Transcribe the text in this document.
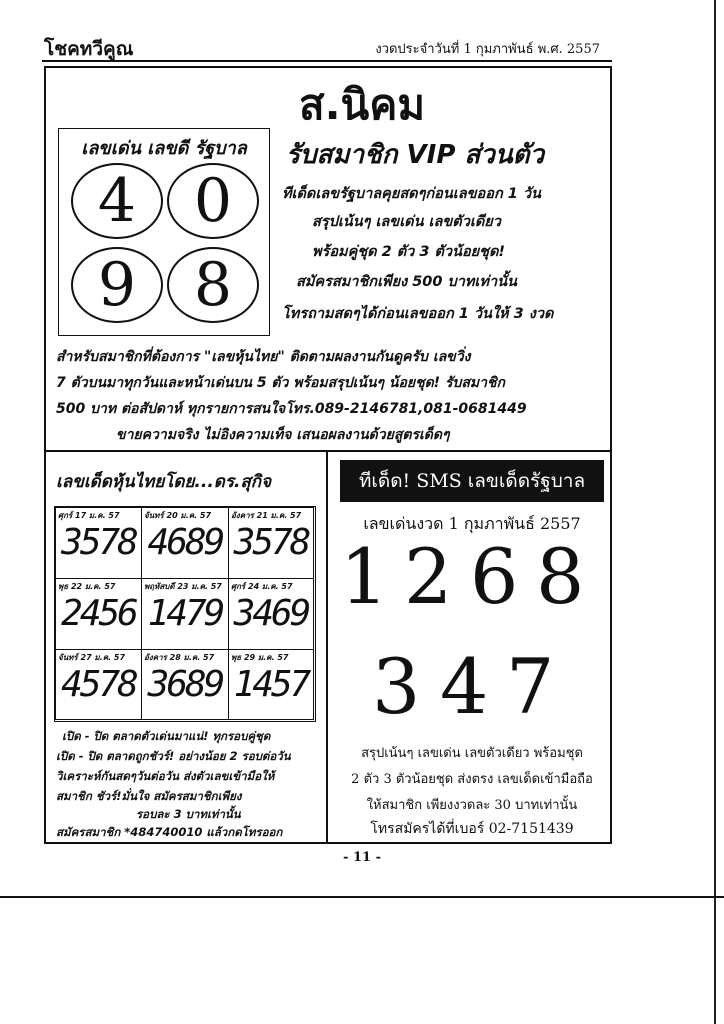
โชคทวีคูณ	งวดประจำวันที่ 1 กุมภาพันธ์ พ.ศ. 2557
ส.นิคม
เลขเด่น เลขดี รัฐบาล
4 0
9 8
รับสมาชิก VIP ส่วนตัว
ทีเด็ดเลขรัฐบาลคุยสดๆก่อนเลขออก 1 วัน
สรุปเน้นๆ เลขเด่น เลขตัวเดียว
พร้อมคู่ชุด 2 ตัว 3 ตัวน้อยชุด!
สมัครสมาชิกเพียง 500 บาทเท่านั้น
โทรถามสดๆได้ก่อนเลขออก 1 วันให้ 3 งวด
สำหรับสมาชิกที่ต้องการ "เลขหุ้นไทย" ติดตามผลงานกันดูครับ เลขวิ่ง
7 ตัวบนมาทุกวันและหน้าเด่นบน 5 ตัว พร้อมสรุปเน้นๆ น้อยชุด! รับสมาชิก
500 บาท ต่อสัปดาห์ ทุกรายการสนใจโทร.089-2146781,081-0681449
ขายความจริง ไม่อิงความเท็จ เสนอผลงานด้วยสูตรเด็ดๆ
เลขเด็ดหุ้นไทยโดย...ดร.สุกิจ
ศุกร์ 17 ม.ค. 57
3578
จันทร์ 20 ม.ค. 57
4689
อังคาร 21 ม.ค. 57
3578
พุธ 22 ม.ค. 57
2456
พฤหัสบดี 23 ม.ค. 57
1479
ศุกร์ 24 ม.ค. 57
3469
จันทร์ 27 ม.ค. 57
4578
อังคาร 28 ม.ค. 57
3689
พุธ 29 ม.ค. 57
1457
เปิด - ปิด ตลาดตัวเด่นมาแน่! ทุกรอบคู่ชุด
เปิด - ปิด ตลาดถูกชัวร์! อย่างน้อย 2 รอบต่อวัน
วิเคราะห์กันสดๆวันต่อวัน ส่งตัวเลขเข้ามือให้
สมาชิก ชัวร์!มั่นใจ สมัครสมาชิกเพียง
รอบละ 3 บาทเท่านั้น
สมัครสมาชิก *484740010 แล้วกดโทรออก
ทีเด็ด! SMS เลขเด็ดรัฐบาล
เลขเด่นงวด 1 กุมภาพันธ์ 2557
1 2 6 8
3 4 7
สรุปเน้นๆ เลขเด่น เลขตัวเดียว พร้อมชุด
2 ตัว 3 ตัวน้อยชุด ส่งตรง เลขเด็ดเข้ามือถือ
ให้สมาชิก เพียงงวดละ 30 บาทเท่านั้น
โทรสมัครได้ที่เบอร์ 02-7151439
- 11 -
